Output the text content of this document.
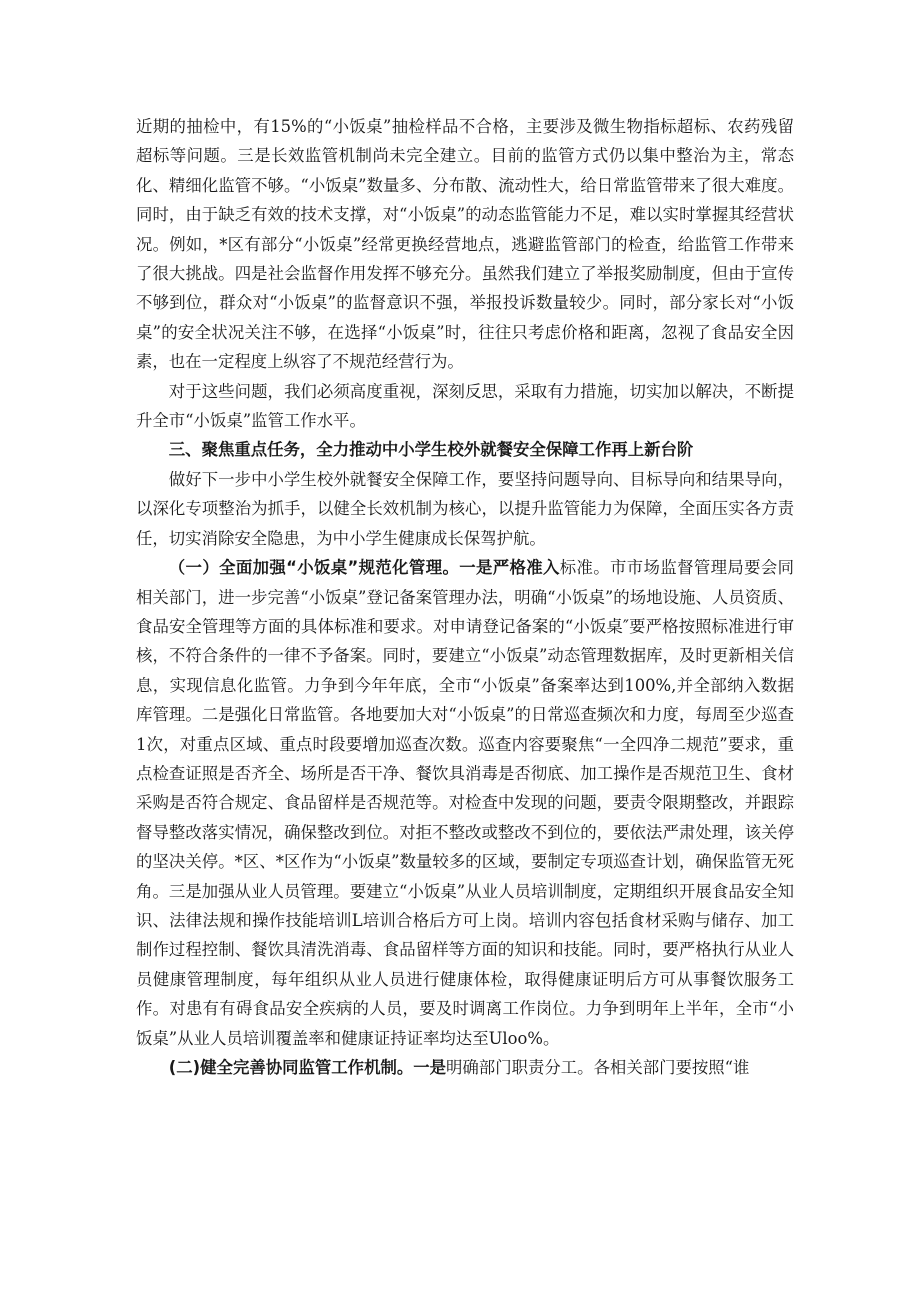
近期的抽检中，有15%的“小饭桌”抽检样品不合格，主要涉及微生物指标超标、农药残留超标等问题。三是长效监管机制尚未完全建立。目前的监管方式仍以集中整治为主，常态化、精细化监管不够。“小饭桌”数量多、分布散、流动性大，给日常监管带来了很大难度。同时，由于缺乏有效的技术支撑，对“小饭桌”的动态监管能力不足，难以实时掌握其经营状况。例如，*区有部分“小饭桌”经常更换经营地点，逃避监管部门的检查，给监管工作带来了很大挑战。四是社会监督作用发挥不够充分。虽然我们建立了举报奖励制度，但由于宣传不够到位，群众对“小饭桌”的监督意识不强，举报投诉数量较少。同时，部分家长对“小饭桌”的安全状况关注不够，在选择“小饭桌”时，往往只考虑价格和距离，忽视了食品安全因素，也在一定程度上纵容了不规范经营行为。

对于这些问题，我们必须高度重视，深刻反思，采取有力措施，切实加以解决，不断提升全市“小饭桌”监管工作水平。

三、聚焦重点任务，全力推动中小学生校外就餐安全保障工作再上新台阶

做好下一步中小学生校外就餐安全保障工作，要坚持问题导向、目标导向和结果导向，以深化专项整治为抓手，以健全长效机制为核心，以提升监管能力为保障，全面压实各方责任，切实消除安全隐患，为中小学生健康成长保驾护航。

（一）全面加强“小饭桌”规范化管理。一是严格准入标准。市市场监督管理局要会同相关部门，进一步完善“小饭桌”登记备案管理办法，明确“小饭桌”的场地设施、人员资质、食品安全管理等方面的具体标准和要求。对申请登记备案的“小饭桌″要严格按照标准进行审核，不符合条件的一律不予备案。同时，要建立“小饭桌”动态管理数据库，及时更新相关信息，实现信息化监管。力争到今年年底，全市“小饭桌”备案率达到100%,并全部纳入数据库管理。二是强化日常监管。各地要加大对“小饭桌”的日常巡查频次和力度，每周至少巡查1次，对重点区域、重点时段要增加巡查次数。巡查内容要聚焦“一全四净二规范”要求，重点检查证照是否齐全、场所是否干净、餐饮具消毒是否彻底、加工操作是否规范卫生、食材采购是否符合规定、食品留样是否规范等。对检查中发现的问题，要责令限期整改，并跟踪督导整改落实情况，确保整改到位。对拒不整改或整改不到位的，要依法严肃处理，该关停的坚决关停。*区、*区作为“小饭桌”数量较多的区域，要制定专项巡查计划，确保监管无死角。三是加强从业人员管理。要建立“小饭桌”从业人员培训制度，定期组织开展食品安全知识、法律法规和操作技能培训L培训合格后方可上岗。培训内容包括食材采购与储存、加工制作过程控制、餐饮具清洗消毒、食品留样等方面的知识和技能。同时，要严格执行从业人员健康管理制度，每年组织从业人员进行健康体检，取得健康证明后方可从事餐饮服务工作。对患有有碍食品安全疾病的人员，要及时调离工作岗位。力争到明年上半年，全市“小饭桌”从业人员培训覆盖率和健康证持证率均达至Uloo%。

(二)健全完善协同监管工作机制。一是明确部门职责分工。各相关部门要按照“谁
